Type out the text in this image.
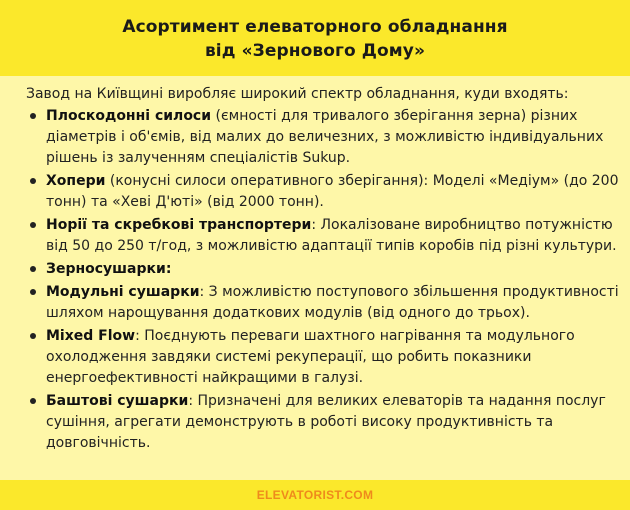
Асортимент елеваторного обладнання
від «Зернового Дому»

Завод на Київщині виробляє широкий спектр обладнання, куди входять:

Плоскодонні силоси (ємності для тривалого зберігання зерна) різних діаметрів і об'ємів, від малих до величезних, з можливістю індивідуальних рішень із залученням спеціалістів Sukup.
Хопери (конусні силоси оперативного зберігання): Моделі «Медіум» (до 200 тонн) та «Хеві Д'юті» (від 2000 тонн).
Норії та скребкові транспортери: Локалізоване виробництво потужністю від 50 до 250 т/год, з можливістю адаптації типів коробів під різні культури.
Зерносушарки:
Модульні сушарки: З можливістю поступового збільшення продуктивності шляхом нарощування додаткових модулів (від одного до трьох).
Mixed Flow: Поєднують переваги шахтного нагрівання та модульного охолодження завдяки системі рекуперації, що робить показники енергоефективності найкращими в галузі.
Баштові сушарки: Призначені для великих елеваторів та надання послуг сушіння, агрегати демонструють в роботі високу продуктивність та довговічність.
ELEVATORIST.COM
